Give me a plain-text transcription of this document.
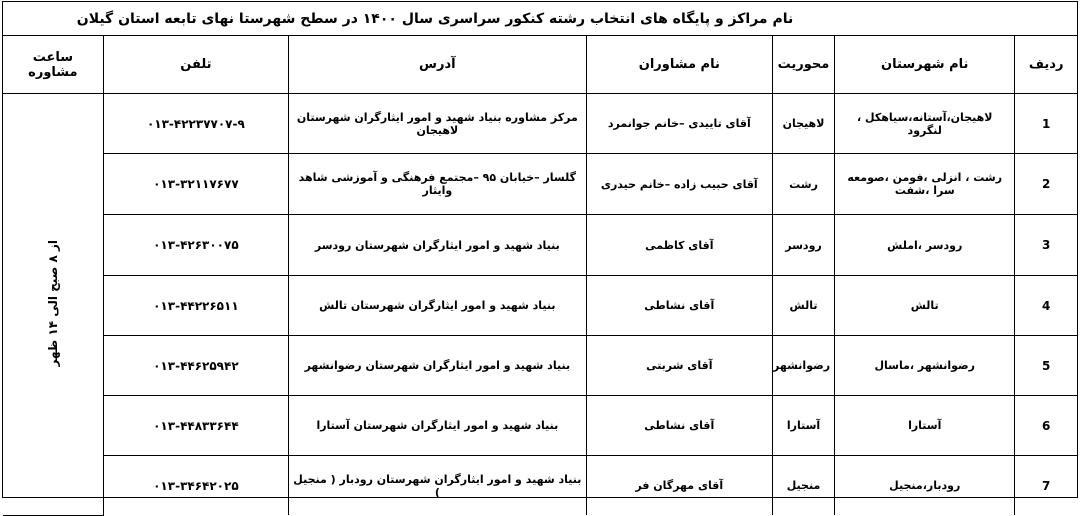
نام مراکز و پایگاه های انتخاب رشته کنکور سراسری سال ۱۴۰۰ در سطح شهرستا نهای تابعه استان گیلان
ردیف	نام شهرستان	محوریت	نام مشاوران	آدرس	تلفن	ساعت مشاوره
1	لاهیجان،آستانه،سیاهکل ، لنگرود	لاهیجان	آقای تاییدی –خانم جوانمرد	مرکز مشاوره بنیاد شهید و امور ایثارگران شهرستان لاهیجان	۰۱۳-۴۲۲۳۷۷۰۷-۹	از ۸ صبح الی ۱۴ ظهر
2	رشت ، انزلی ،فومن ،صومعه سرا ،شفت	رشت	آقای حبیب زاده –خانم حیدری	گلسار –خیابان ۹۵ –مجتمع فرهنگی و آموزشی شاهد وایثار	۰۱۳-۳۲۱۱۷۶۷۷	
3	رودسر ،املش	رودسر	آقای کاظمی	بنیاد شهید و امور ایثارگران شهرستان رودسر	۰۱۳-۴۲۶۳۰۰۷۵	
4	تالش	تالش	آقای نشاطی	بنیاد شهید و امور ایثارگران شهرستان تالش	۰۱۳-۴۴۲۲۶۵۱۱	
5	رضوانشهر ،ماسال	رضوانشهر	آقای شربتی	بنیاد شهید و امور ایثارگران شهرستان رضوانشهر	۰۱۳-۴۴۶۲۵۹۴۲	
6	آستارا	آستارا	آقای نشاطی	بنیاد شهید و امور ایثارگران شهرستان آستارا	۰۱۳-۴۴۸۳۳۶۴۴	
7	رودبار،منجیل	منجیل	آقای مهرگان فر	بنیاد شهید و امور ایثارگران شهرستان رودبار ( منجیل )	۰۱۳-۳۴۶۴۲۰۲۵	
